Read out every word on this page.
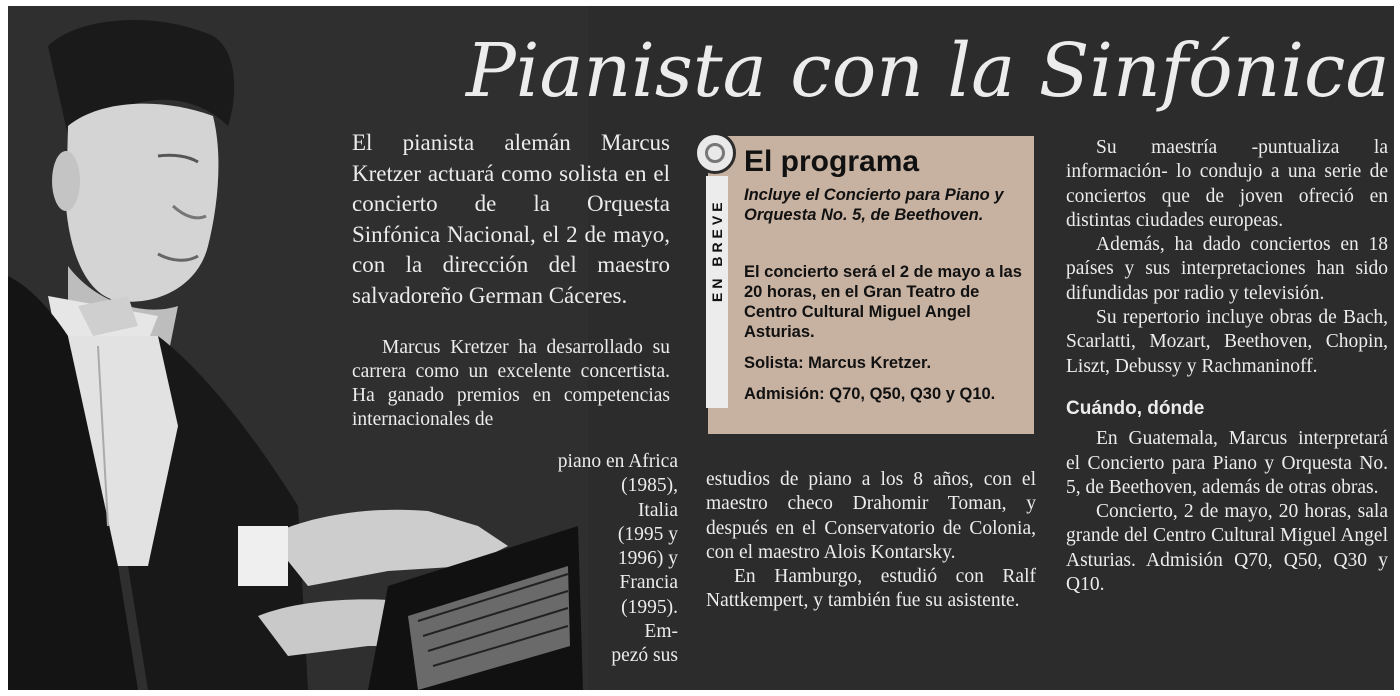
Pianista con la Sinfónica

El pianista alemán Marcus Kretzer actuará como solista en el concierto de la Orquesta Sinfónica Nacional, el 2 de mayo, con la dirección del maestro salvadoreño German Cáceres.

Marcus Kretzer ha desarrollado su carrera como un excelente concertista. Ha ganado premios en competencias internacionales de

piano en Africa

(1985),

Italia

(1995 y

1996) y

Francia

(1995).

Em-

pezó sus

EN BREVE
El programa
Incluye el Concierto para Piano y Orquesta No. 5, de Beethoven.

El concierto será el 2 de mayo a las 20 horas, en el Gran Teatro de Centro Cultural Miguel Angel Asturias.

Solista: Marcus Kretzer.

Admisión: Q70, Q50, Q30 y Q10.

estudios de piano a los 8 años, con el maestro checo Drahomir Toman, y después en el Conservatorio de Colonia, con el maestro Alois Kontarsky.

En Hamburgo, estudió con Ralf Nattkempert, y también fue su asistente.

Su maestría -puntualiza la información- lo condujo a una serie de conciertos que de joven ofreció en distintas ciudades europeas.

Además, ha dado conciertos en 18 países y sus interpretaciones han sido difundidas por radio y televisión.

Su repertorio incluye obras de Bach, Scarlatti, Mozart, Beethoven, Chopin, Liszt, Debussy y Rachmaninoff.

Cuándo, dónde

En Guatemala, Marcus interpretará el Concierto para Piano y Orquesta No. 5, de Beethoven, además de otras obras.

Concierto, 2 de mayo, 20 horas, sala grande del Centro Cultural Miguel Angel Asturias. Admisión Q70, Q50, Q30 y Q10.
